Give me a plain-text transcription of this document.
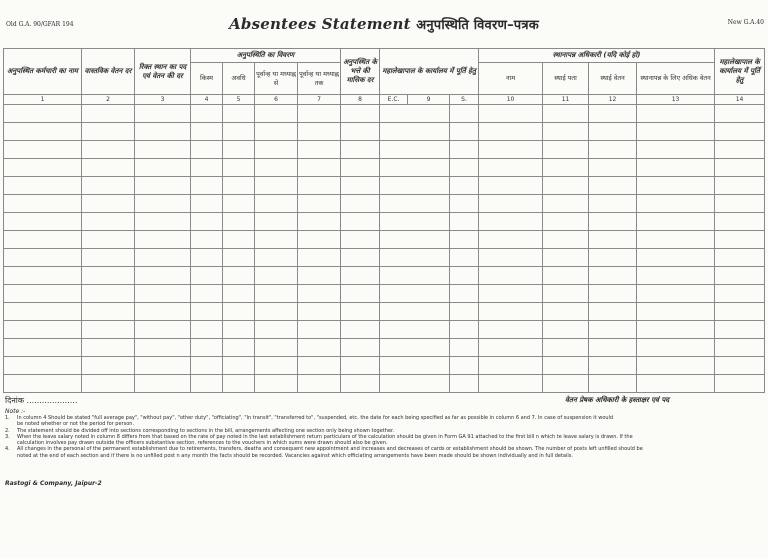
Old G.A. 90/GFAR 194	Absentees Statement अनुपस्थिति विवरण–पत्रक	New G.A.40
अनुपस्थित कर्मचारी का नाम	वास्तविक वेतन दर	रिक्त स्थान का पद एवं वेतन की दर	अनुपस्थिति का विवरण				अनुपस्थित के भत्ते की मासिक दर	महालेखापाल के कार्यालय में पूर्ति हेतु			स्थानापन्न अधिकारी (यदि कोई हो)				महालेखापाल के कार्यालय में पूर्ति हेतु
			किस्म	अवधि	पूर्वान्ह या मध्याह्न से	पूर्वान्ह या मध्याह्न तक					नाम	स्थाई पता	स्थाई वेतन	स्थानापन्न के लिए अधिक वेतन	
1	2	3	4	5	6	7	8	E.C.	9	S.	10	11	12	13	14

दिनांक ....................	वेतन प्रेषक अधिकारी के हस्ताक्षर एवं पद
Note :-
1. In column 4 Should be stated "full average pay", "without pay", "other duty", "officiating", "In transit", "transferred to", "suspended, etc. the date for each being specified as far as possible in column 6 and 7. In case of suspension it would
be noted whether or not the period for person.
2. The statement should be divided off into sections corresponding to sections in the bill, arrangements affecting one section only being shown together.
3. When the leave salary noted in column 8 differs from that based on the rate of pay noted in the last establishment return particulars of the calculation should be given in Form GA 91 attached to the first bill n which te leave salary is drawn. If the
calculation involves pay drawn outside the officers substantive section, references to the vouchers in which sums were drawn should also be given.
4. All changes in the personal of the permanent establishment due to retirements, transfers, deaths and consequent new appointment and increases and decreases of cards or establishment should be shown. The number of posts left unfilled should be
noted at the end of each section and if there is no unfilled post n any month the facts should be recorded. Vacancies against which officiating arrangements have been made should be shown individually and in full details.
Rastogi & Company, Jaipur-2
